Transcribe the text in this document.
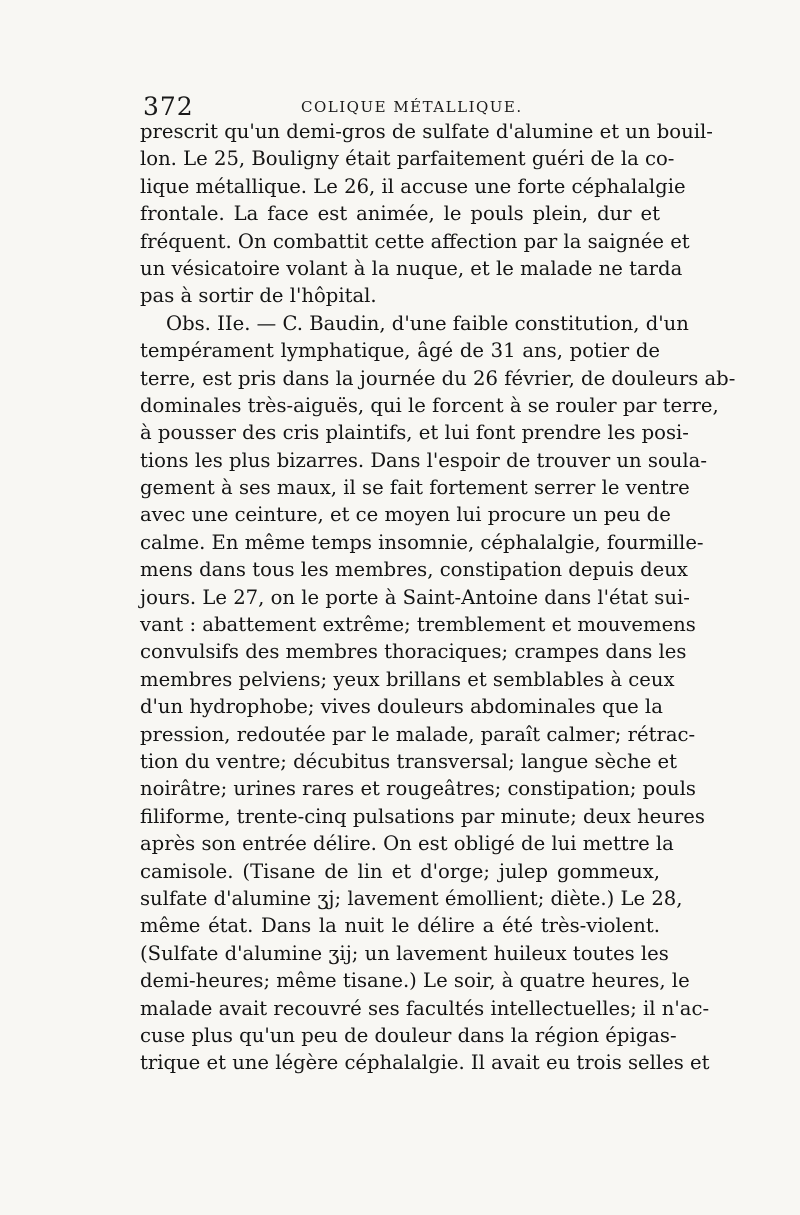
372	COLIQUE MÉTALLIQUE.
prescrit qu'un demi-gros de sulfate d'alumine et un bouil-
lon. Le 25, Bouligny était parfaitement guéri de la co-
lique métallique. Le 26, il accuse une forte céphalalgie
frontale. La face est animée, le pouls plein, dur et
fréquent. On combattit cette affection par la saignée et
un vésicatoire volant à la nuque, et le malade ne tarda
pas à sortir de l'hôpital.
Obs. IIe. — C. Baudin, d'une faible constitution, d'un
tempérament lymphatique, âgé de 31 ans, potier de
terre, est pris dans la journée du 26 février, de douleurs ab-
dominales très-aiguës, qui le forcent à se rouler par terre,
à pousser des cris plaintifs, et lui font prendre les posi-
tions les plus bizarres. Dans l'espoir de trouver un soula-
gement à ses maux, il se fait fortement serrer le ventre
avec une ceinture, et ce moyen lui procure un peu de
calme. En même temps insomnie, céphalalgie, fourmille-
mens dans tous les membres, constipation depuis deux
jours. Le 27, on le porte à Saint-Antoine dans l'état sui-
vant : abattement extrême; tremblement et mouvemens
convulsifs des membres thoraciques; crampes dans les
membres pelviens; yeux brillans et semblables à ceux
d'un hydrophobe; vives douleurs abdominales que la
pression, redoutée par le malade, paraît calmer; rétrac-
tion du ventre; décubitus transversal; langue sèche et
noirâtre; urines rares et rougeâtres; constipation; pouls
filiforme, trente-cinq pulsations par minute; deux heures
après son entrée délire. On est obligé de lui mettre la
camisole. (Tisane de lin et d'orge; julep gommeux,
sulfate d'alumine ʒj; lavement émollient; diète.) Le 28,
même état. Dans la nuit le délire a été très-violent.
(Sulfate d'alumine ʒij; un lavement huileux toutes les
demi-heures; même tisane.) Le soir, à quatre heures, le
malade avait recouvré ses facultés intellectuelles; il n'ac-
cuse plus qu'un peu de douleur dans la région épigas-
trique et une légère céphalalgie. Il avait eu trois selles et
